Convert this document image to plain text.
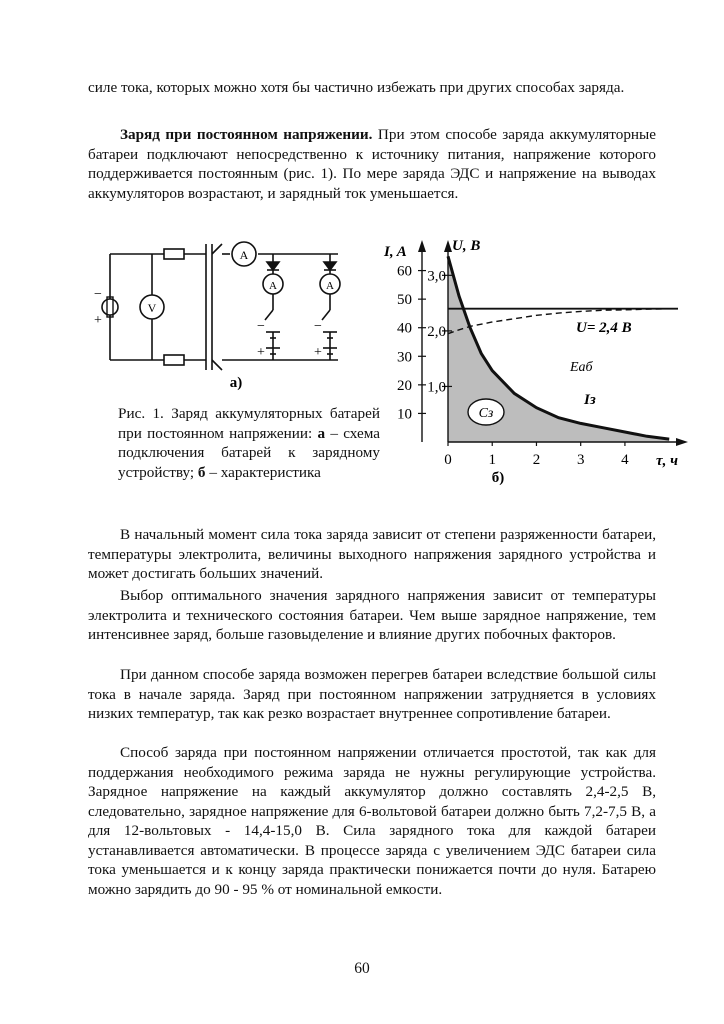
силе тока, которых можно хотя бы частично избежать при других способах заряда.

Заряд при постоянном напряжении. При этом способе заряда аккумуляторные батареи подключают непосредственно к источнику питания, напряжение которого поддерживается постоянным (рис. 1). По мере заряда ЭДС и напряжение на выводах аккумуляторов возрастают, и зарядный ток уменьшается.

V
A
A	A
−
+	−
+
−
+
а)

Рис. 1. Заряд аккумуляторных батарей при постоянном напряжении: а – схема подключения батарей к зарядному устройству; б – характеристика

10
20
30
40
50
60
1,0
2,0
3,0
0 1 2 3 4
I, A	U, B
τ, ч
U= 2,4 B
Eаб
Iз
б)
Cз

В начальный момент сила тока заряда зависит от степени разряженности батареи, температуры электролита, величины выходного напряжения зарядного устройства и может достигать больших значений.

Выбор оптимального значения зарядного напряжения зависит от температуры электролита и технического состояния батареи. Чем выше зарядное напряжение, тем интенсивнее заряд, больше газовыделение и влияние других побочных факторов.

При данном способе заряда возможен перегрев батареи вследствие большой силы тока в начале заряда. Заряд при постоянном напряжении затрудняется в условиях низких температур, так как резко возрастает внутреннее сопротивление батареи.

Способ заряда при постоянном напряжении отличается простотой, так как для поддержания необходимого режима заряда не нужны регулирующие устройства. Зарядное напряжение на каждый аккумулятор должно составлять 2,4-2,5 В, следовательно, зарядное напряжение для 6-вольтовой батареи должно быть 7,2-7,5 В, а для 12-вольтовых - 14,4-15,0 В. Сила зарядного тока для каждой батареи устанавливается автоматически. В процессе заряда с увеличением ЭДС батареи сила тока уменьшается и к концу заряда практически понижается почти до нуля. Батарею можно зарядить до 90 - 95 % от номинальной емкости.

60
